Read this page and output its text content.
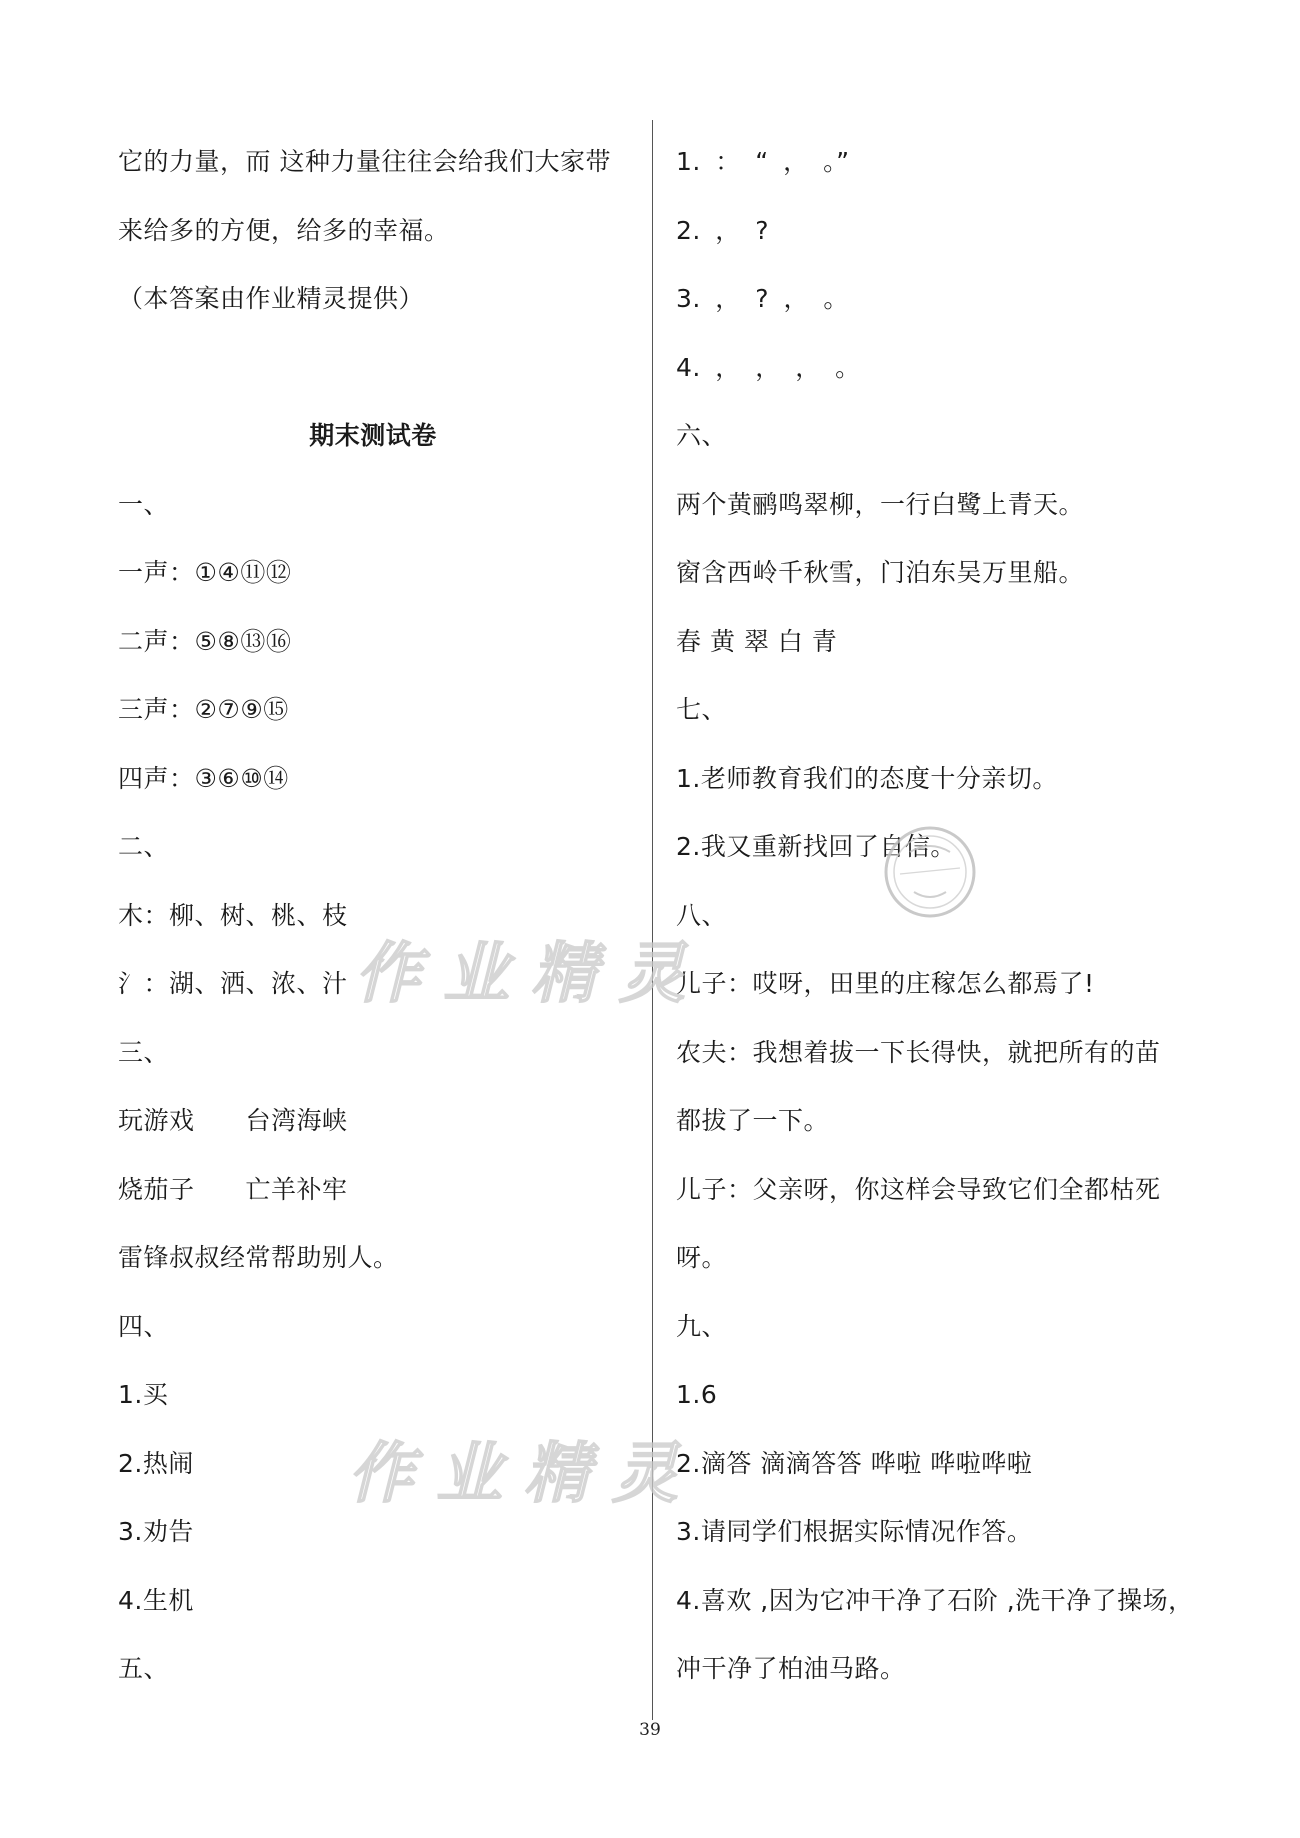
它的力量，而 这种力量往往会给我们大家带
来给多的方便，给多的幸福。
（本答案由作业精灵提供）
期末测试卷
一、
一声：①④⑪⑫
二声：⑤⑧⑬⑯
三声：②⑦⑨⑮
四声：③⑥⑩⑭
二、
木：柳、树、桃、枝
氵：湖、洒、浓、汁
三、
玩游戏　　台湾海峡
烧茄子　　亡羊补牢
雷锋叔叔经常帮助别人。
四、
1.买
2.热闹
3.劝告
4.生机
五、
1. ： “ ， 。”
2. ， ?
3. ， ? ， 。
4. ， ， ， 。
六、
两个黄鹂鸣翠柳，一行白鹭上青天。
窗含西岭千秋雪，门泊东吴万里船。
春 黄 翠 白 青
七、
1.老师教育我们的态度十分亲切。
2.我又重新找回了自信。
八、
儿子：哎呀，田里的庄稼怎么都焉了!
农夫：我想着拔一下长得快，就把所有的苗
都拔了一下。
儿子：父亲呀，你这样会导致它们全都枯死
呀。
九、
1.6
2.滴答 滴滴答答 哗啦 哗啦哗啦
3.请同学们根据实际情况作答。
4.喜欢 ,因为它冲干净了石阶 ,洗干净了操场，
冲干净了柏油马路。
作业精灵
作业精灵
39
